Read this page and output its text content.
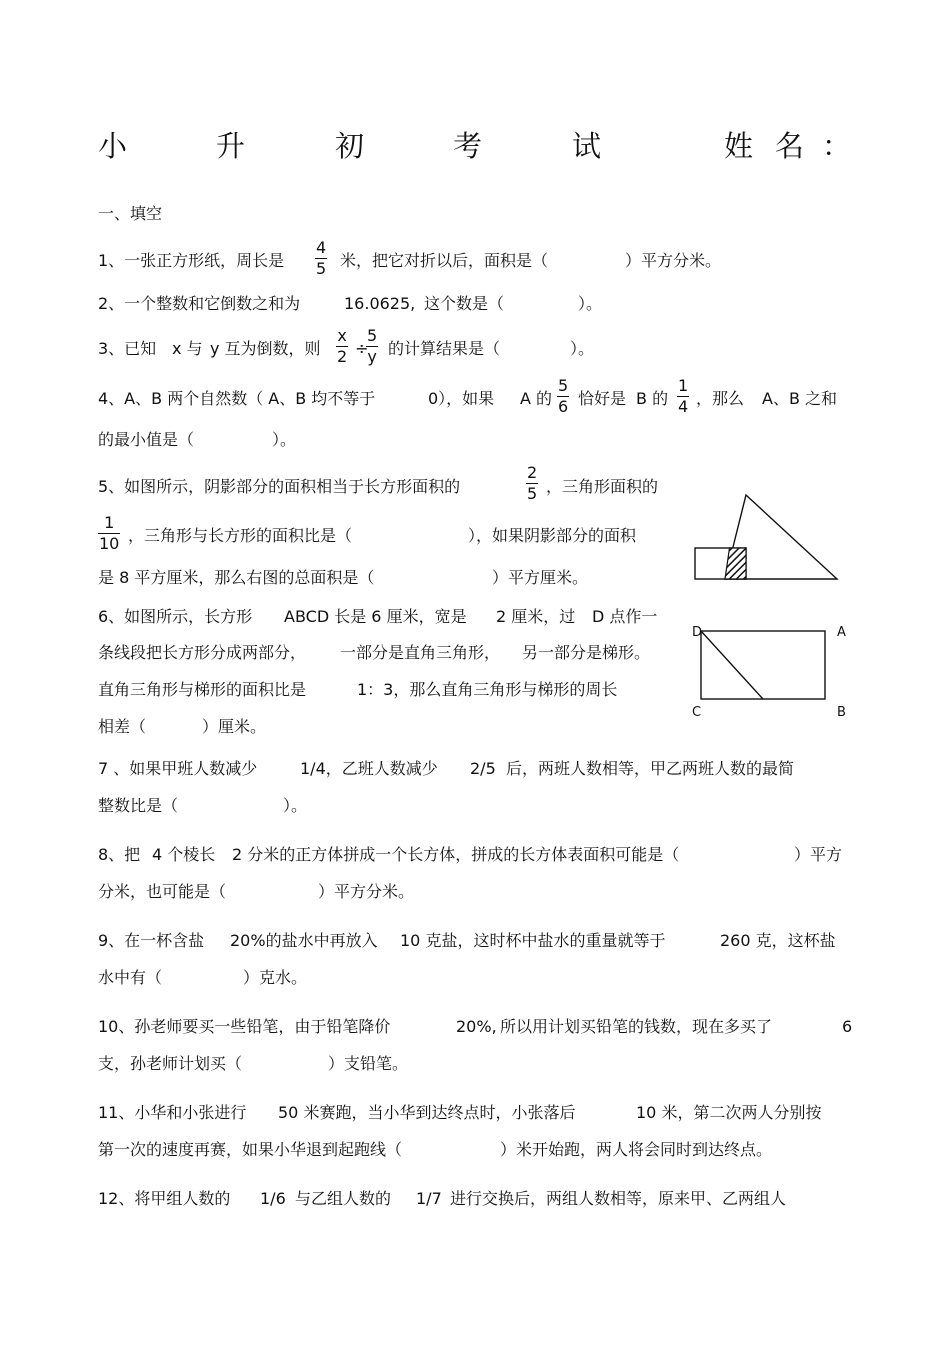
小	升	初	考	试	姓 名 ：
一、填空
1、一张正方形纸，周长是
4
5 米，把它对折以后，面积是（	）平方分米。
2、一个整数和它倒数之和为	16.0625, 这个数是（	）。
3、已知 x 与 y 互为倒数，则
x
2 ÷
5
y 的计算结果是（	）。
4、A、B 两个自然数（ A、B 均不等于	0），如果 A 的
5
6 恰好是 B 的
1
4 ，那么 A、B 之和
的最小值是（	）。
5、如图所示，阴影部分的面积相当于长方形面积的
2
5 ，三角形面积的
1
10 ，三角形与长方形的面积比是（	），如果阴影部分的面积
是 8 平方厘米，那么右图的总面积是（	）平方厘米。
6、如图所示，长方形 ABCD 长是 6 厘米，宽是 2 厘米，过 D 点作一
条线段把长方形分成两部分， 一部分是直角三角形， 另一部分是梯形。
直角三角形与梯形的面积比是	1：3，那么直角三角形与梯形的周长
相差（	）厘米。
D	A
C	B
7 、如果甲班人数减少	1/4，乙班人数减少 2/5 后，两班人数相等，甲乙两班人数的最简
整数比是（	）。
8、把 4 个棱长 2 分米的正方体拼成一个长方体，拼成的长方体表面积可能是（	）平方
分米，也可能是（	）平方分米。
9、在一杯含盐 20%的盐水中再放入 10 克盐，这时杯中盐水的重量就等于	260 克，这杯盐
水中有（	）克水。
10、孙老师要买一些铅笔，由于铅笔降价	20%, 所以用计划买铅笔的钱数，现在多买了	6
支，孙老师计划买（	）支铅笔。
11、小华和小张进行 50 米赛跑，当小华到达终点时，小张落后	10 米，第二次两人分别按
第一次的速度再赛，如果小华退到起跑线（	）米开始跑，两人将会同时到达终点。
12、将甲组人数的 1/6 与乙组人数的 1/7 进行交换后，两组人数相等，原来甲、乙两组人
